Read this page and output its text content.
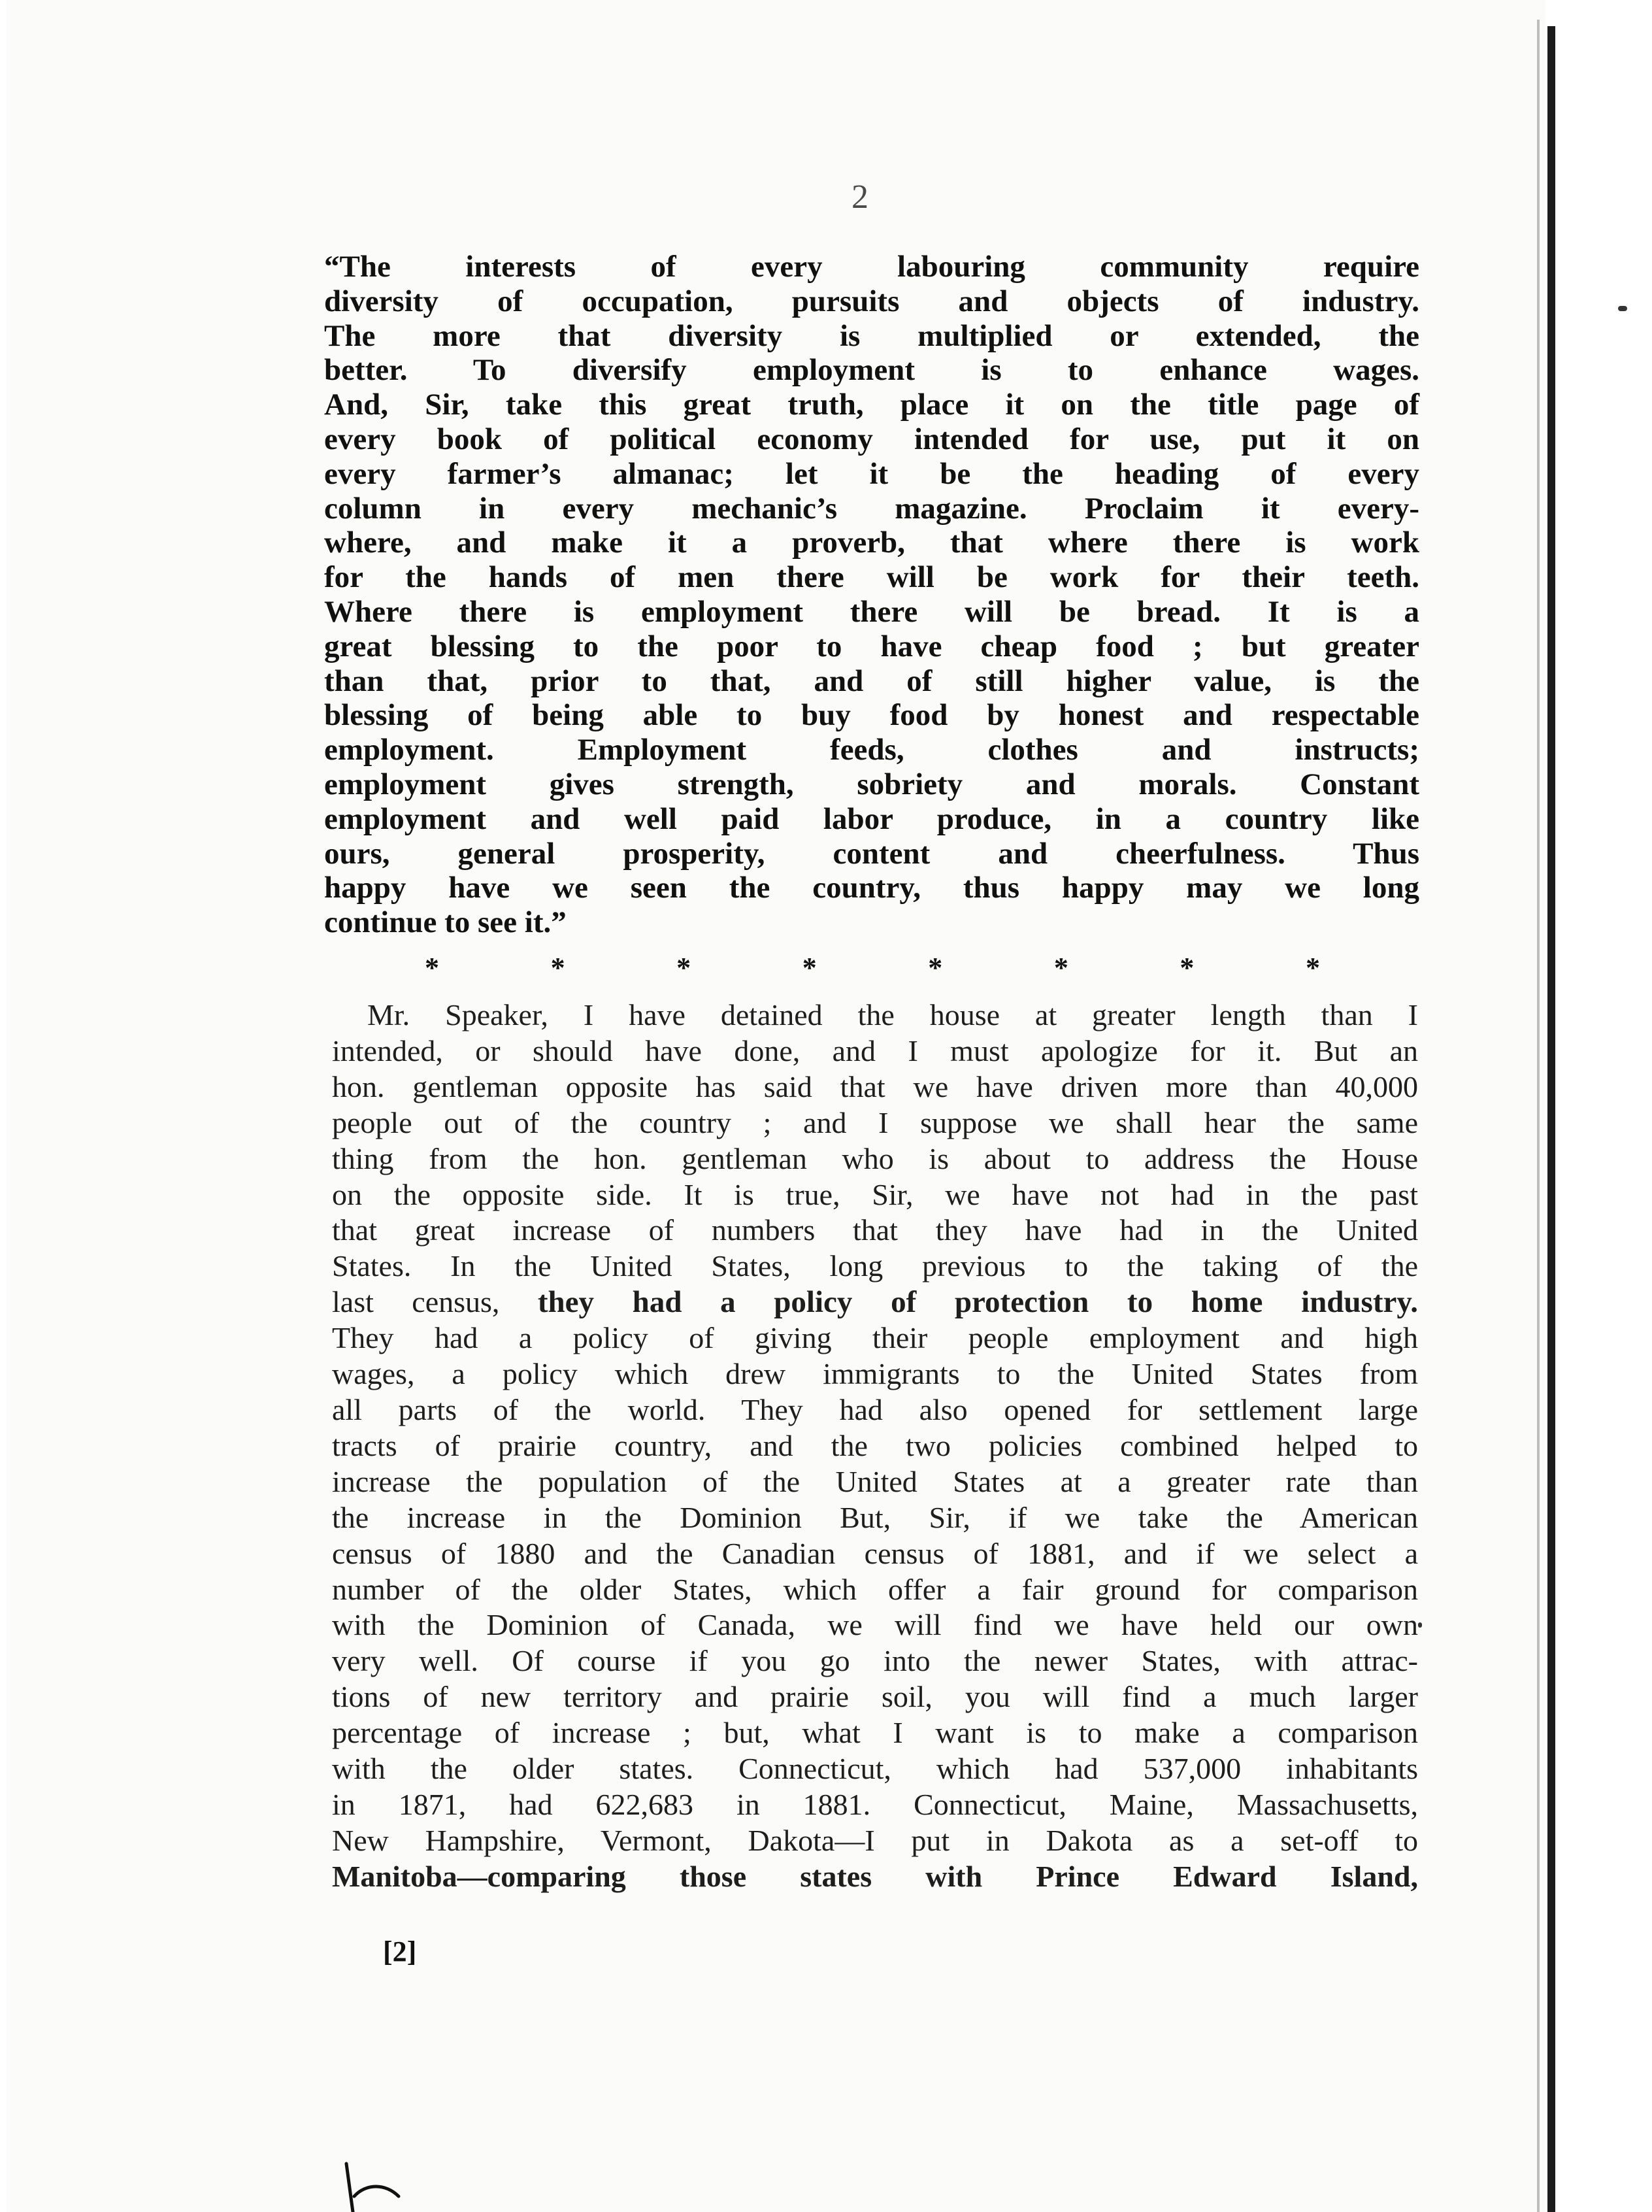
2
“The interests of every labouring community require
diversity of occupation, pursuits and objects of industry.
The more that diversity is multiplied or extended, the
better. To diversify employment is to enhance wages.
And, Sir, take this great truth, place it on the title page of
every book of political economy intended for use, put it on
every farmer’s almanac; let it be the heading of every
column in every mechanic’s magazine. Proclaim it every-
where, and make it a proverb, that where there is work
for the hands of men there will be work for their teeth.
Where there is employment there will be bread. It is a
great blessing to the poor to have cheap food ; but greater
than that, prior to that, and of still higher value, is the
blessing of being able to buy food by honest and respectable
employment. Employment feeds, clothes and instructs;
employment gives strength, sobriety and morals. Constant
employment and well paid labor produce, in a country like
ours, general prosperity, content and cheerfulness. Thus
happy have we seen the country, thus happy may we long
continue to see it.”
*	*	*	*	*	*	*	*
Mr. Speaker, I have detained the house at greater length than I
intended, or should have done, and I must apologize for it. But an
hon. gentleman opposite has said that we have driven more than 40,000
people out of the country ; and I suppose we shall hear the same
thing from the hon. gentleman who is about to address the House
on the opposite side. It is true, Sir, we have not had in the past
that great increase of numbers that they have had in the United
States. In the United States, long previous to the taking of the
last census, they had a policy of protection to home industry.
They had a policy of giving their people employment and high
wages, a policy which drew immigrants to the United States from
all parts of the world. They had also opened for settlement large
tracts of prairie country, and the two policies combined helped to
increase the population of the United States at a greater rate than
the increase in the Dominion But, Sir, if we take the American
census of 1880 and the Canadian census of 1881, and if we select a
number of the older States, which offer a fair ground for comparison
with the Dominion of Canada, we will find we have held our own
very well. Of course if you go into the newer States, with attrac-
tions of new territory and prairie soil, you will find a much larger
percentage of increase ; but, what I want is to make a comparison
with the older states. Connecticut, which had 537,000 inhabitants
in 1871, had 622,683 in 1881. Connecticut, Maine, Massachusetts,
New Hampshire, Vermont, Dakota—I put in Dakota as a set-off to
Manitoba—comparing those states with Prince Edward Island,
[2]
